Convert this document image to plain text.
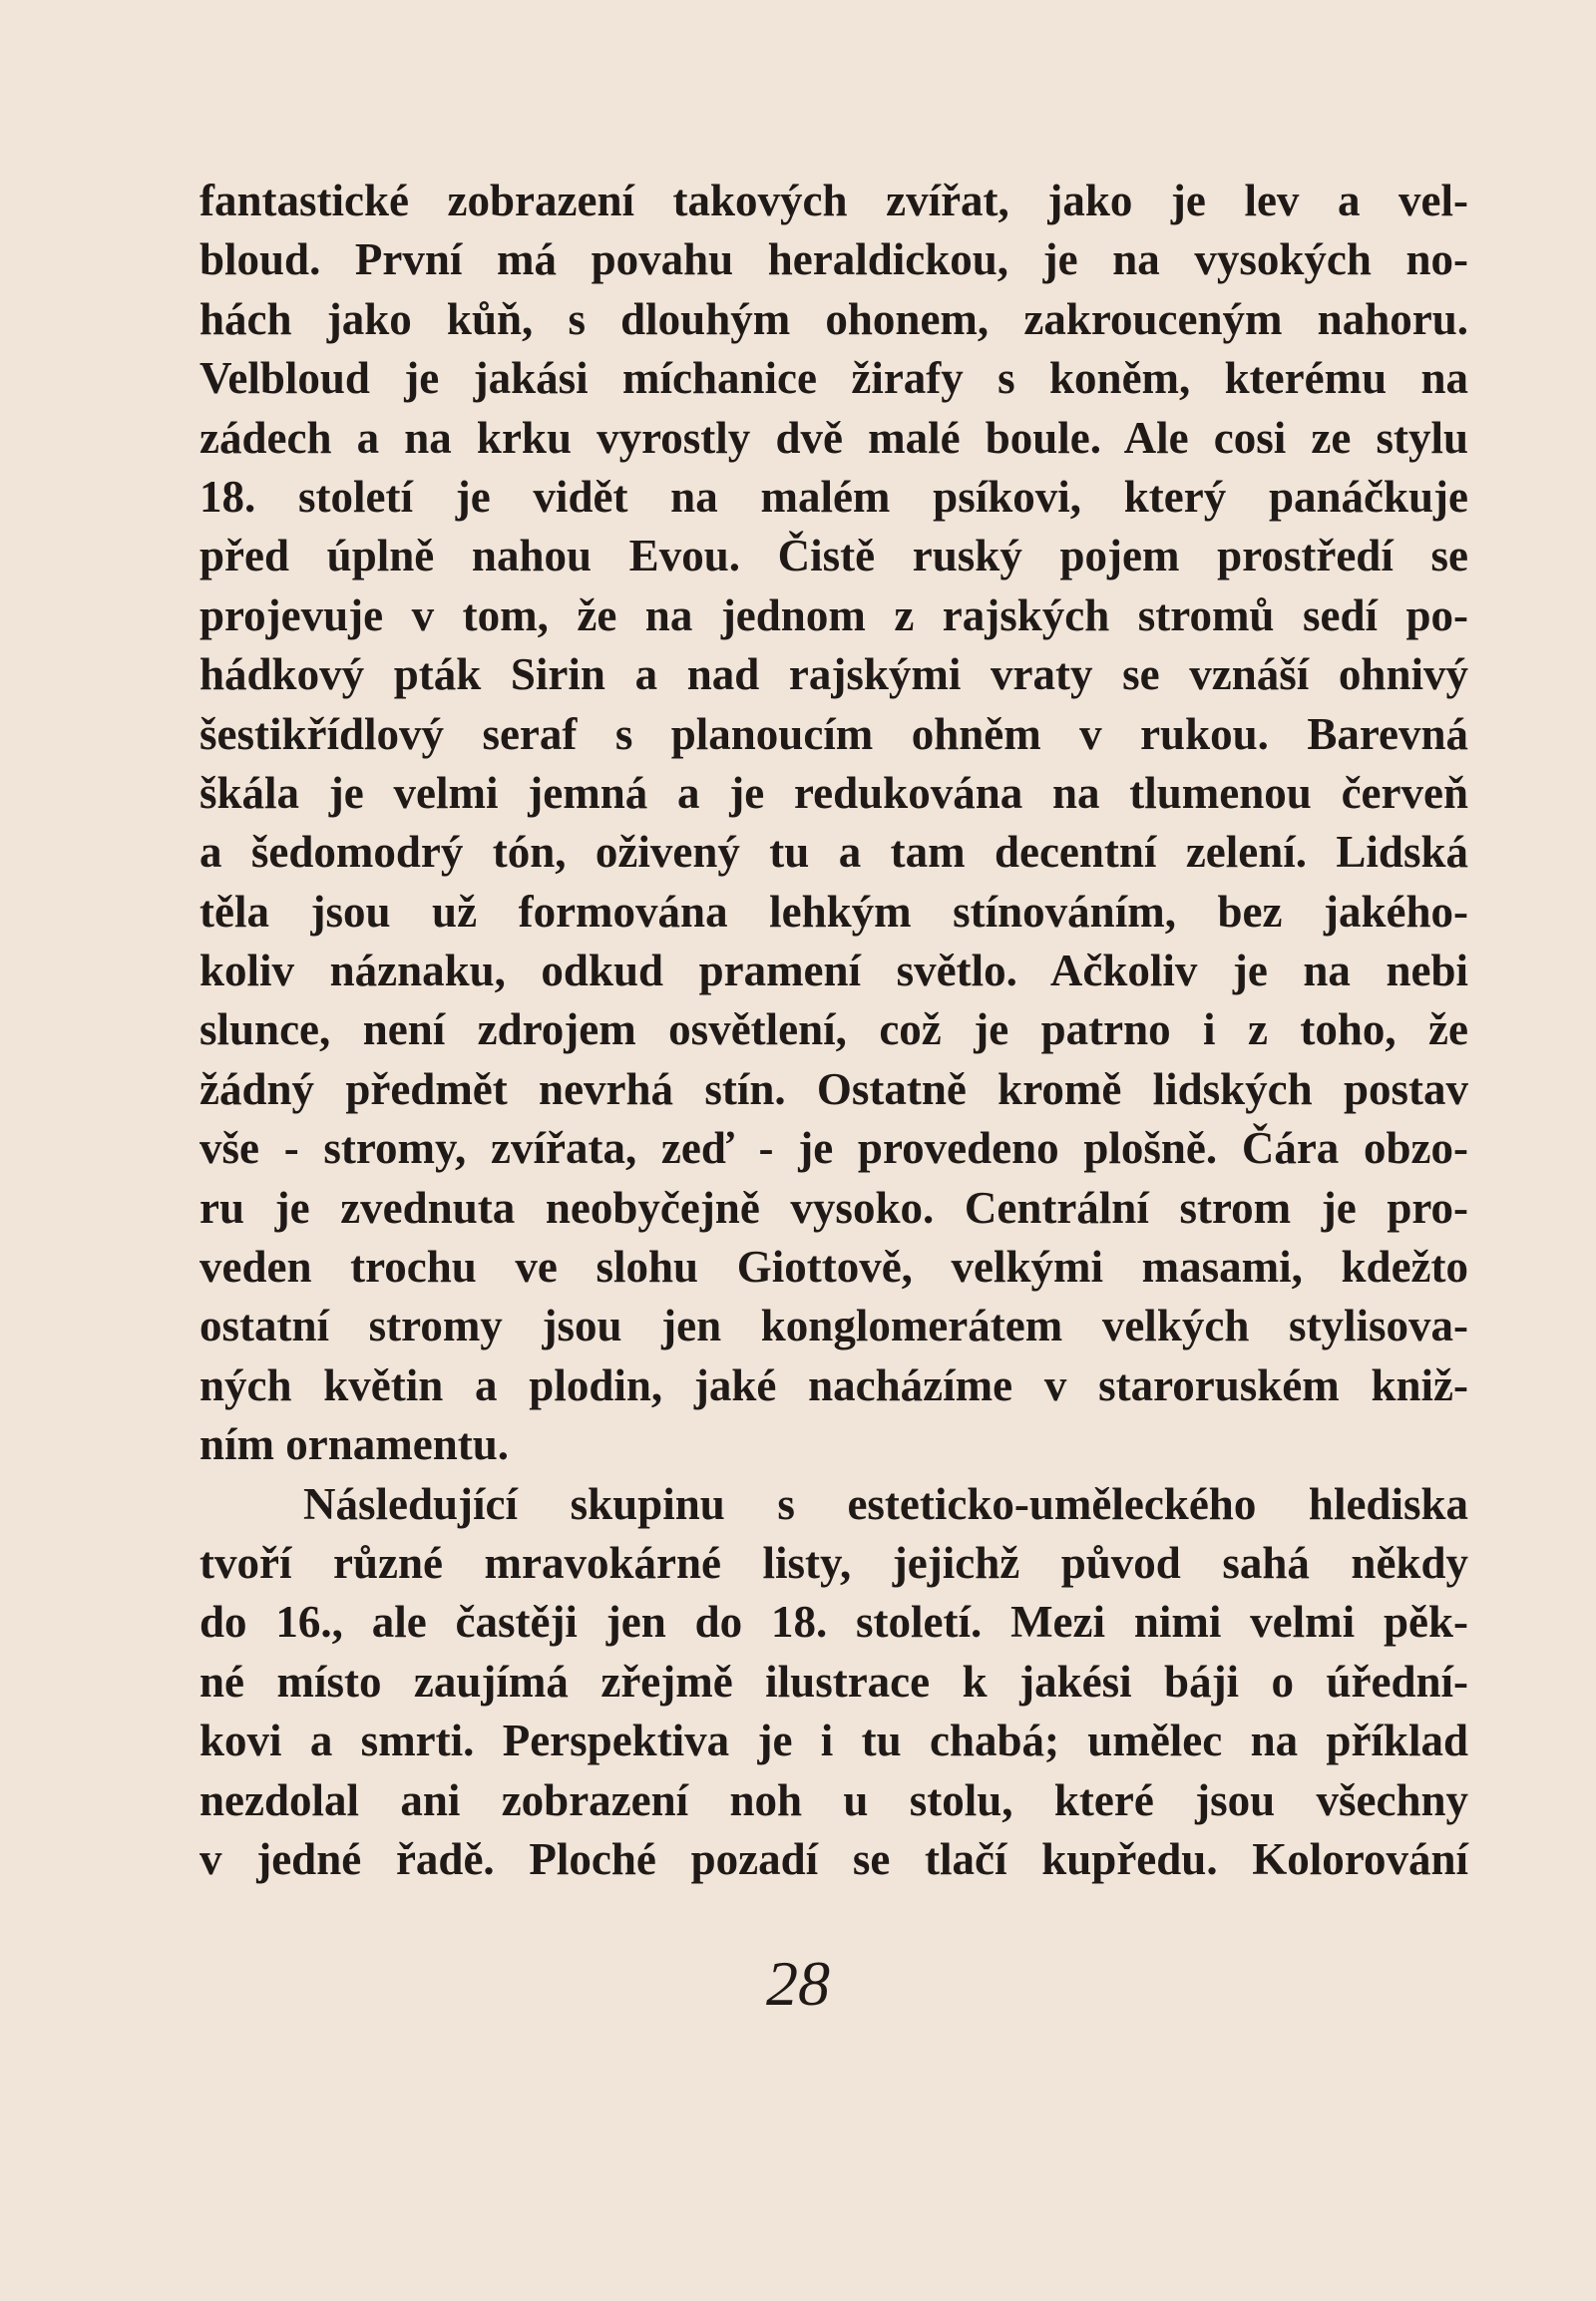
fantastické zobrazení takových zvířat, jako je lev a vel-
bloud. První má povahu heraldickou, je na vysokých no-
hách jako kůň, s dlouhým ohonem, zakrouceným nahoru.
Velbloud je jakási míchanice žirafy s koněm, kterému na
zádech a na krku vyrostly dvě malé boule. Ale cosi ze stylu
18. století je vidět na malém psíkovi, který panáčkuje
před úplně nahou Evou. Čistě ruský pojem prostředí se
projevuje v tom, že na jednom z rajských stromů sedí po-
hádkový pták Sirin a nad rajskými vraty se vznáší ohnivý
šestikřídlový seraf s planoucím ohněm v rukou. Barevná
škála je velmi jemná a je redukována na tlumenou červeň
a šedomodrý tón, oživený tu a tam decentní zelení. Lidská
těla jsou už formována lehkým stínováním, bez jakého-
koliv náznaku, odkud pramení světlo. Ačkoliv je na nebi
slunce, není zdrojem osvětlení, což je patrno i z toho, že
žádný předmět nevrhá stín. Ostatně kromě lidských postav
vše - stromy, zvířata, zeď - je provedeno plošně. Čára obzo-
ru je zvednuta neobyčejně vysoko. Centrální strom je pro-
veden trochu ve slohu Giottově, velkými masami, kdežto
ostatní stromy jsou jen konglomerátem velkých stylisova-
ných květin a plodin, jaké nacházíme v staroruském kniž-
ním ornamentu.
Následující skupinu s esteticko-uměleckého hlediska
tvoří různé mravokárné listy, jejichž původ sahá někdy
do 16., ale častěji jen do 18. století. Mezi nimi velmi pěk-
né místo zaujímá zřejmě ilustrace k jakési báji o úřední-
kovi a smrti. Perspektiva je i tu chabá; umělec na příklad
nezdolal ani zobrazení noh u stolu, které jsou všechny
v jedné řadě. Ploché pozadí se tlačí kupředu. Kolorování
28
